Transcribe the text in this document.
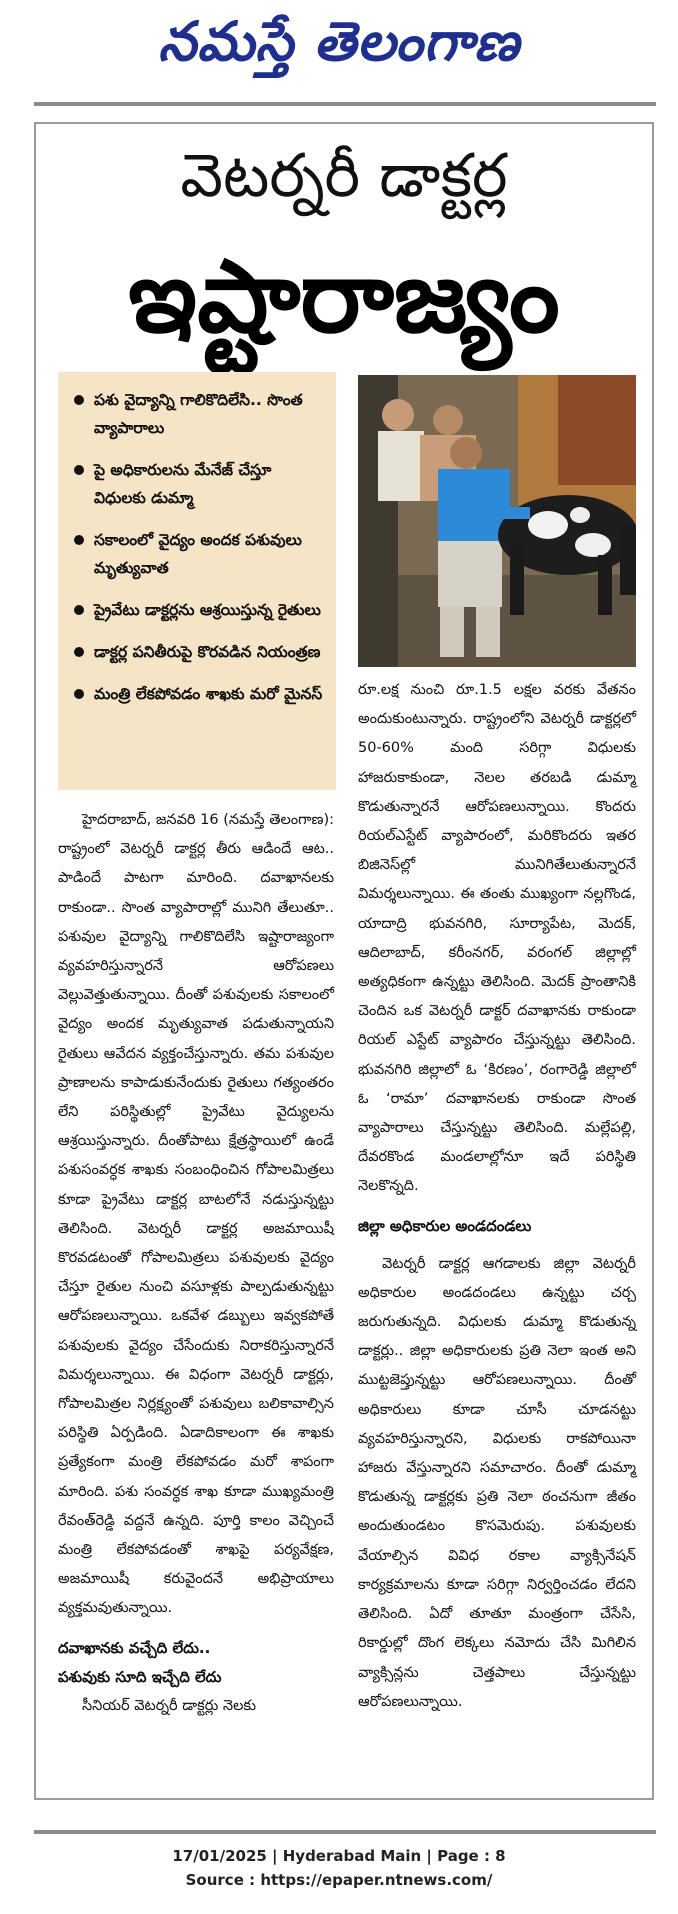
నమస్తే తెలంగాణ
వెటర్నరీ డాక్టర్ల
ఇష్టారాజ్యం
పశు వైద్యాన్ని గాలికొదిలేసి.. సొంత వ్యాపారాలు
పై అధికారులను మేనేజ్ చేస్తూ విధులకు డుమ్మా
సకాలంలో వైద్యం అందక పశువులు మృత్యువాత
ప్రైవేటు డాక్టర్లను ఆశ్రయిస్తున్న రైతులు
డాక్టర్ల పనితీరుపై కొరవడిన నియంత్రణ
మంత్రి లేకపోవడం శాఖకు మరో మైనస్

హైదరాబాద్, జనవరి 16 (నమస్తే తెలంగాణ): రాష్ట్రంలో వెటర్నరీ డాక్టర్ల తీరు ఆడిందే ఆట.. పాడిందే పాటగా మారింది. దవాఖానలకు రాకుండా.. సొంత వ్యాపారాల్లో మునిగి తేలుతూ.. పశువుల వైద్యాన్ని గాలికొదిలేసి ఇష్టారాజ్యంగా వ్యవహరిస్తున్నారనే ఆరోపణలు వెల్లువెత్తుతున్నాయి. దీంతో పశువులకు సకాలంలో వైద్యం అందక మృత్యువాత పడుతున్నాయని రైతులు ఆవేదన వ్యక్తంచేస్తున్నారు. తమ పశువుల ప్రాణాలను కాపాడుకునేందుకు రైతులు గత్యంతరం లేని పరిస్థితుల్లో ప్రైవేటు వైద్యులను ఆశ్రయిస్తున్నారు. దీంతోపాటు క్షేత్రస్థాయిలో ఉండే పశుసంవర్ధక శాఖకు సంబంధించిన గోపాలమిత్రలు కూడా ప్రైవేటు డాక్టర్ల బాటలోనే నడుస్తున్నట్టు తెలిసింది. వెటర్నరీ డాక్టర్ల అజమాయిషీ కొరవడటంతో గోపాలమిత్రలు పశువులకు వైద్యం చేస్తూ రైతుల నుంచి వసూళ్లకు పాల్పడుతున్నట్టు ఆరోపణలున్నాయి. ఒకవేళ డబ్బులు ఇవ్వకపోతే పశువులకు వైద్యం చేసేందుకు నిరాకరిస్తున్నారనే విమర్శలున్నాయి. ఈ విధంగా వెటర్నరీ డాక్టర్లు, గోపాలమిత్రల నిర్లక్ష్యంతో పశువులు బలికావాల్సిన పరిస్థితి ఏర్పడింది. ఏడాదికాలంగా ఈ శాఖకు ప్రత్యేకంగా మంత్రి లేకపోవడం మరో శాపంగా మారింది. పశు సంవర్ధక శాఖ కూడా ముఖ్యమంత్రి రేవంత్‌రెడ్డి వద్దనే ఉన్నది. పూర్తి కాలం వెచ్చించే మంత్రి లేకపోవడంతో శాఖపై పర్యవేక్షణ, అజమాయిషీ కరువైందనే అభిప్రాయాలు వ్యక్తమవుతున్నాయి.

దవాఖానకు వచ్చేది లేదు..
పశువుకు సూది ఇచ్చేది లేదు

సీనియర్ వెటర్నరీ డాక్టర్లు నెలకు

రూ.లక్ష నుంచి రూ.1.5 లక్షల వరకు వేతనం అందుకుంటున్నారు. రాష్ట్రంలోని వెటర్నరీ డాక్టర్లలో 50-60% మంది సరిగ్గా విధులకు హాజరుకాకుండా, నెలల తరబడి డుమ్మా కొడుతున్నారనే ఆరోపణలున్నాయి. కొందరు రియల్‌ఎస్టేట్ వ్యాపారంలో, మరికొందరు ఇతర బిజినెస్‌ల్లో మునిగితేలుతున్నారనే విమర్శలున్నాయి. ఈ తంతు ముఖ్యంగా నల్లగొండ, యాదాద్రి భువనగిరి, సూర్యాపేట, మెదక్, ఆదిలాబాద్, కరీంనగర్, వరంగల్ జిల్లాల్లో అత్యధికంగా ఉన్నట్టు తెలిసింది. మెదక్ ప్రాంతానికి చెందిన ఒక వెటర్నరీ డాక్టర్ దవాఖానకు రాకుండా రియల్ ఎస్టేట్ వ్యాపారం చేస్తున్నట్టు తెలిసింది. భువనగిరి జిల్లాలో ఓ ‘కిరణం’, రంగారెడ్డి జిల్లాలో ఓ ‘రామా’ దవాఖానలకు రాకుండా సొంత వ్యాపారాలు చేస్తున్నట్టు తెలిసింది. మల్లేపల్లి, దేవరకొండ మండలాల్లోనూ ఇదే పరిస్థితి నెలకొన్నది.

జిల్లా అధికారుల అండదండలు

వెటర్నరీ డాక్టర్ల ఆగడాలకు జిల్లా వెటర్నరీ అధికారుల అండదండలు ఉన్నట్టు చర్చ జరుగుతున్నది. విధులకు డుమ్మా కొడుతున్న డాక్టర్లు.. జిల్లా అధికారులకు ప్రతి నెలా ఇంత అని ముట్టజెప్తున్నట్టు ఆరోపణలున్నాయి. దీంతో అధికారులు కూడా చూసీ చూడనట్టు వ్యవహరిస్తున్నారని, విధులకు రాకపోయినా హాజరు వేస్తున్నారని సమాచారం. దీంతో డుమ్మా కొడుతున్న డాక్టర్లకు ప్రతి నెలా ఠంచనుగా జీతం అందుతుండటం కొసమెరుపు. పశువులకు వేయాల్సిన వివిధ రకాల వ్యాక్సినేషన్ కార్యక్రమాలను కూడా సరిగ్గా నిర్వర్తించడం లేదని తెలిసింది. ఏదో తూతూ మంత్రంగా చేసేసి, రికార్డుల్లో దొంగ లెక్కలు నమోదు చేసి మిగిలిన వ్యాక్సిన్లను చెత్తపాలు చేస్తున్నట్టు ఆరోపణలున్నాయి.

17/01/2025 | Hyderabad Main | Page : 8
Source : https://epaper.ntnews.com/
